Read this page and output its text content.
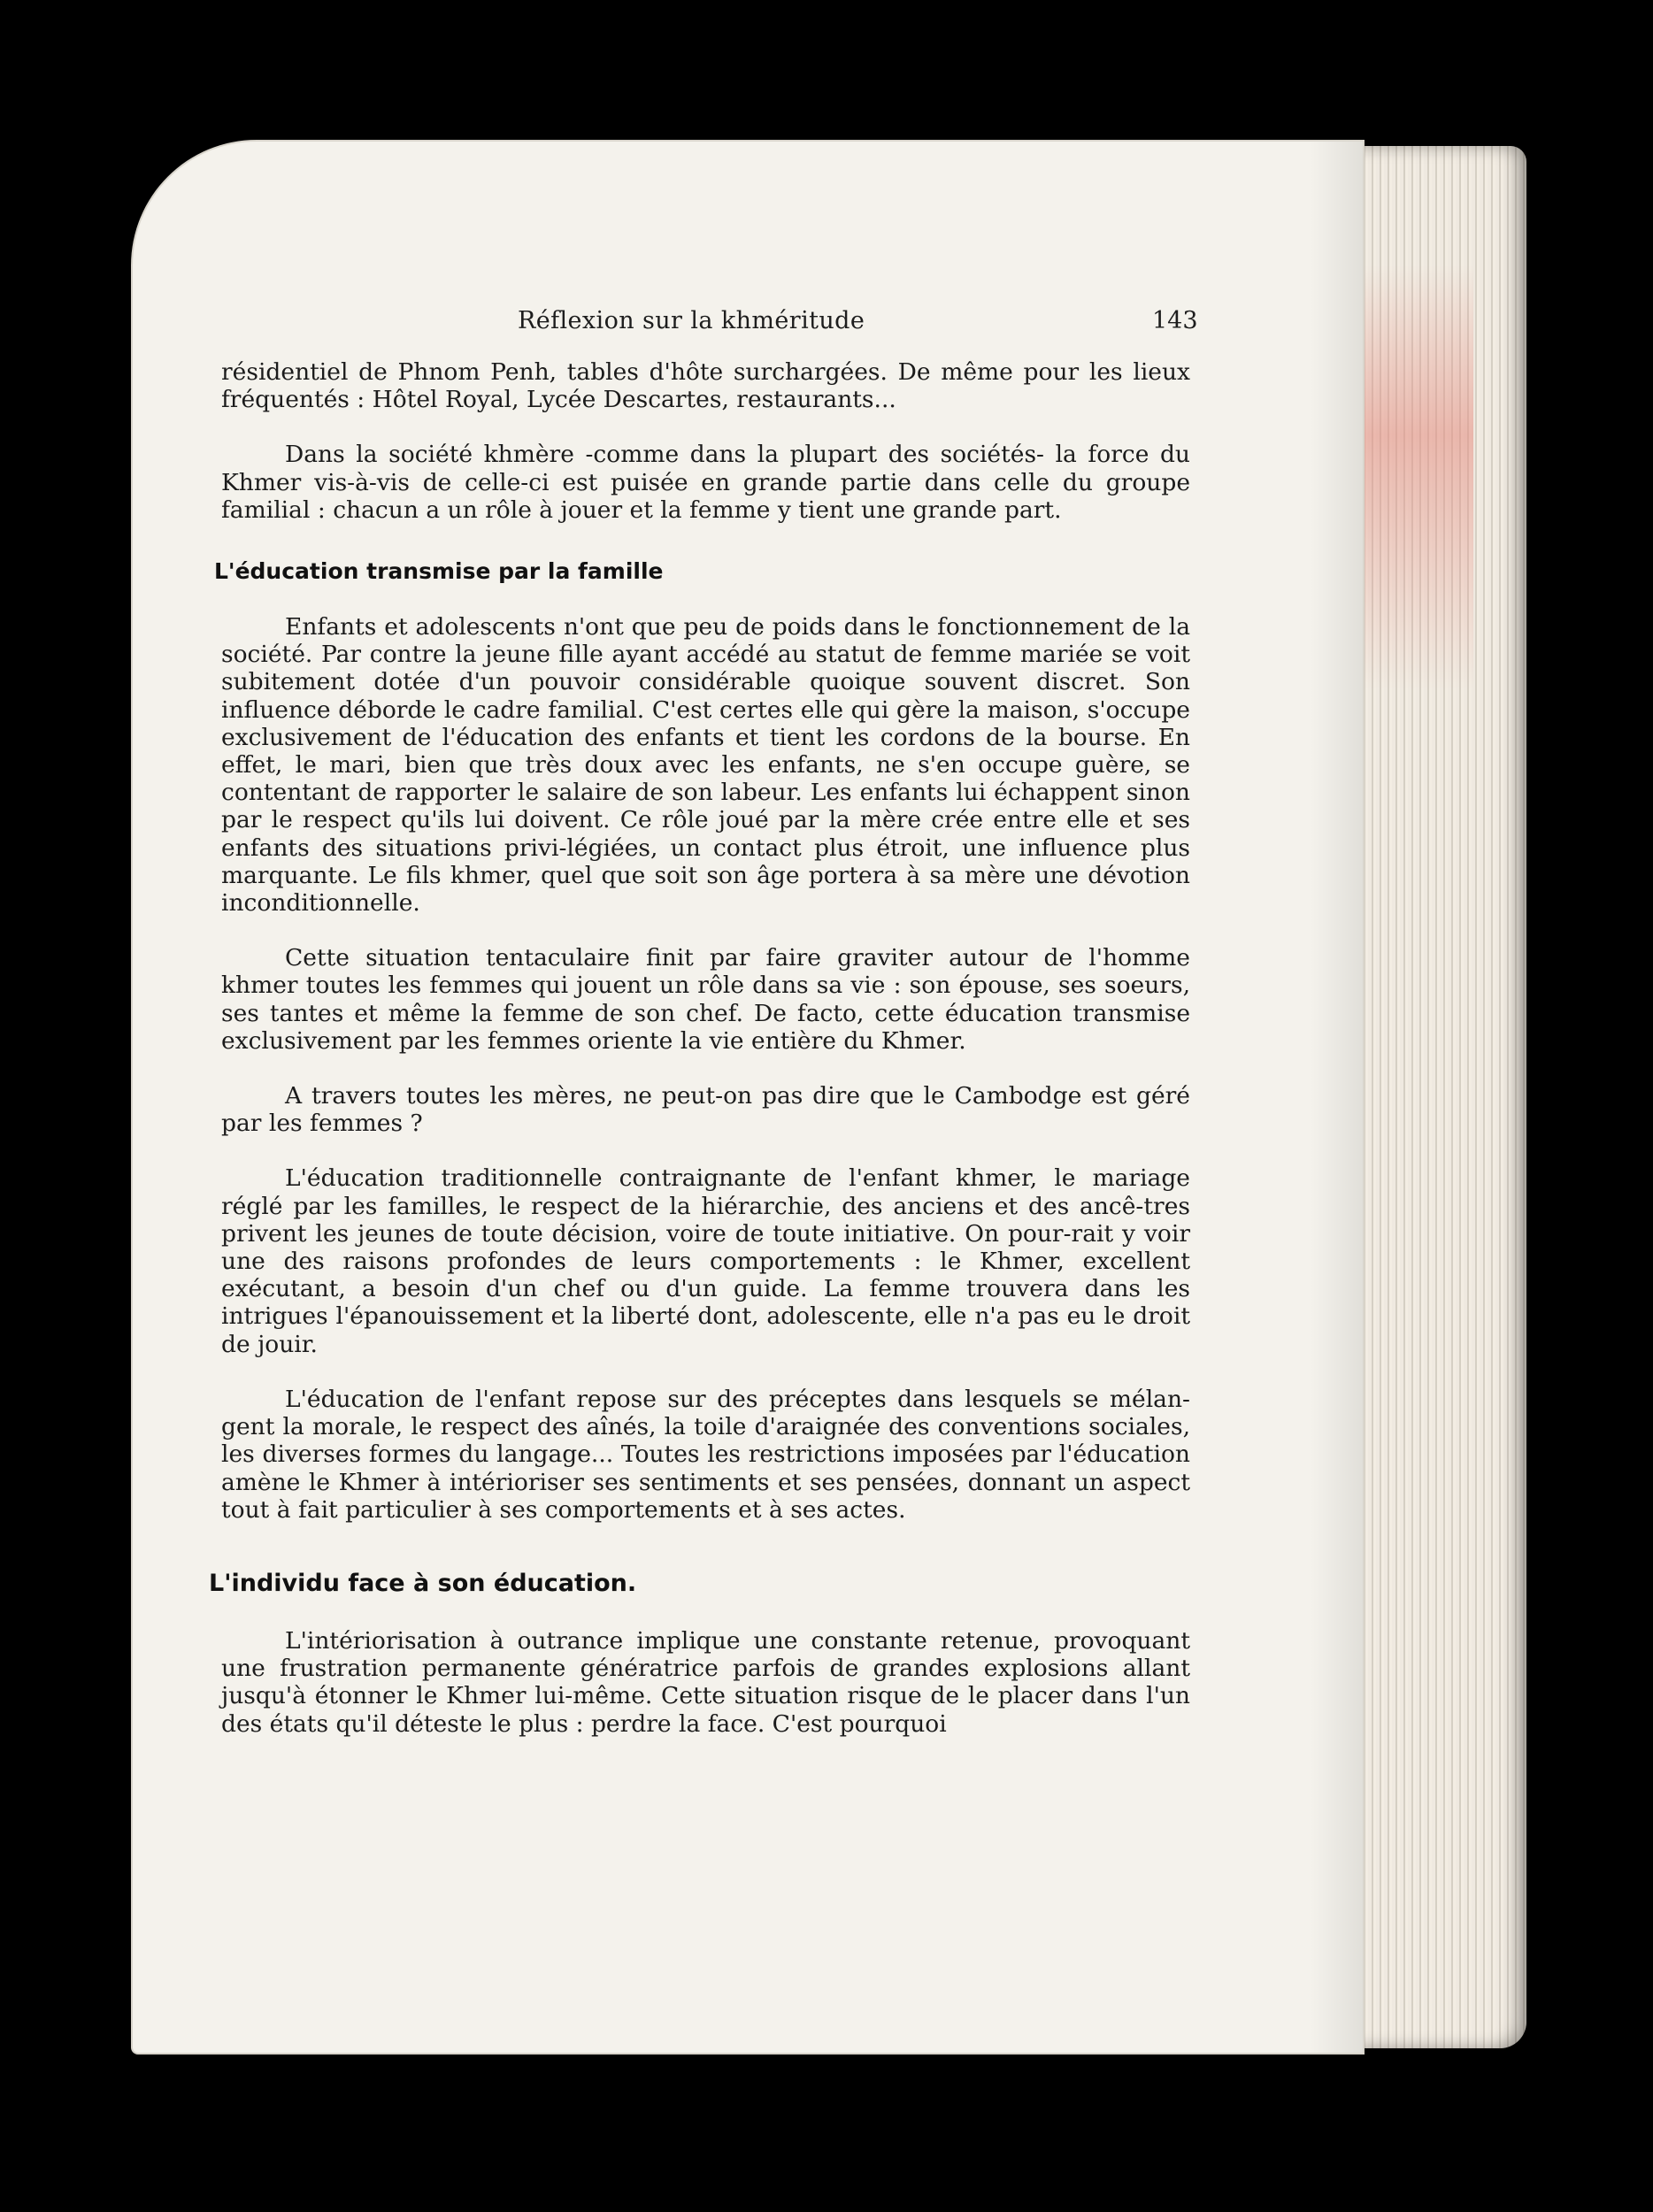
Réflexion sur la khméritude	143

résidentiel de Phnom Penh, tables d'hôte surchargées. De même pour les lieux fréquentés : Hôtel Royal, Lycée Descartes, restaurants...

Dans la société khmère -comme dans la plupart des sociétés- la force du Khmer vis-à-vis de celle-ci est puisée en grande partie dans celle du groupe familial : chacun a un rôle à jouer et la femme y tient une grande part.

L'éducation transmise par la famille

Enfants et adolescents n'ont que peu de poids dans le fonctionnement de la société. Par contre la jeune fille ayant accédé au statut de femme mariée se voit subitement dotée d'un pouvoir considérable quoique souvent discret. Son influence déborde le cadre familial. C'est certes elle qui gère la maison, s'occupe exclusivement de l'éducation des enfants et tient les cordons de la bourse. En effet, le mari, bien que très doux avec les enfants, ne s'en occupe guère, se contentant de rapporter le salaire de son labeur. Les enfants lui échappent sinon par le respect qu'ils lui doivent. Ce rôle joué par la mère crée entre elle et ses enfants des situations privi-légiées, un contact plus étroit, une influence plus marquante. Le fils khmer, quel que soit son âge portera à sa mère une dévotion inconditionnelle.

Cette situation tentaculaire finit par faire graviter autour de l'homme khmer toutes les femmes qui jouent un rôle dans sa vie : son épouse, ses soeurs, ses tantes et même la femme de son chef. De facto, cette éducation transmise exclusivement par les femmes oriente la vie entière du Khmer.

A travers toutes les mères, ne peut-on pas dire que le Cambodge est géré par les femmes ?

L'éducation traditionnelle contraignante de l'enfant khmer, le mariage réglé par les familles, le respect de la hiérarchie, des anciens et des ancê-tres privent les jeunes de toute décision, voire de toute initiative. On pour-rait y voir une des raisons profondes de leurs comportements : le Khmer, excellent exécutant, a besoin d'un chef ou d'un guide. La femme trouvera dans les intrigues l'épanouissement et la liberté dont, adolescente, elle n'a pas eu le droit de jouir.

L'éducation de l'enfant repose sur des préceptes dans lesquels se mélan-gent la morale, le respect des aînés, la toile d'araignée des conventions sociales, les diverses formes du langage... Toutes les restrictions imposées par l'éducation amène le Khmer à intérioriser ses sentiments et ses pensées, donnant un aspect tout à fait particulier à ses comportements et à ses actes.

L'individu face à son éducation.

L'intériorisation à outrance implique une constante retenue, provoquant une frustration permanente génératrice parfois de grandes explosions allant jusqu'à étonner le Khmer lui-même. Cette situation risque de le placer dans l'un des états qu'il déteste le plus : perdre la face. C'est pourquoi
